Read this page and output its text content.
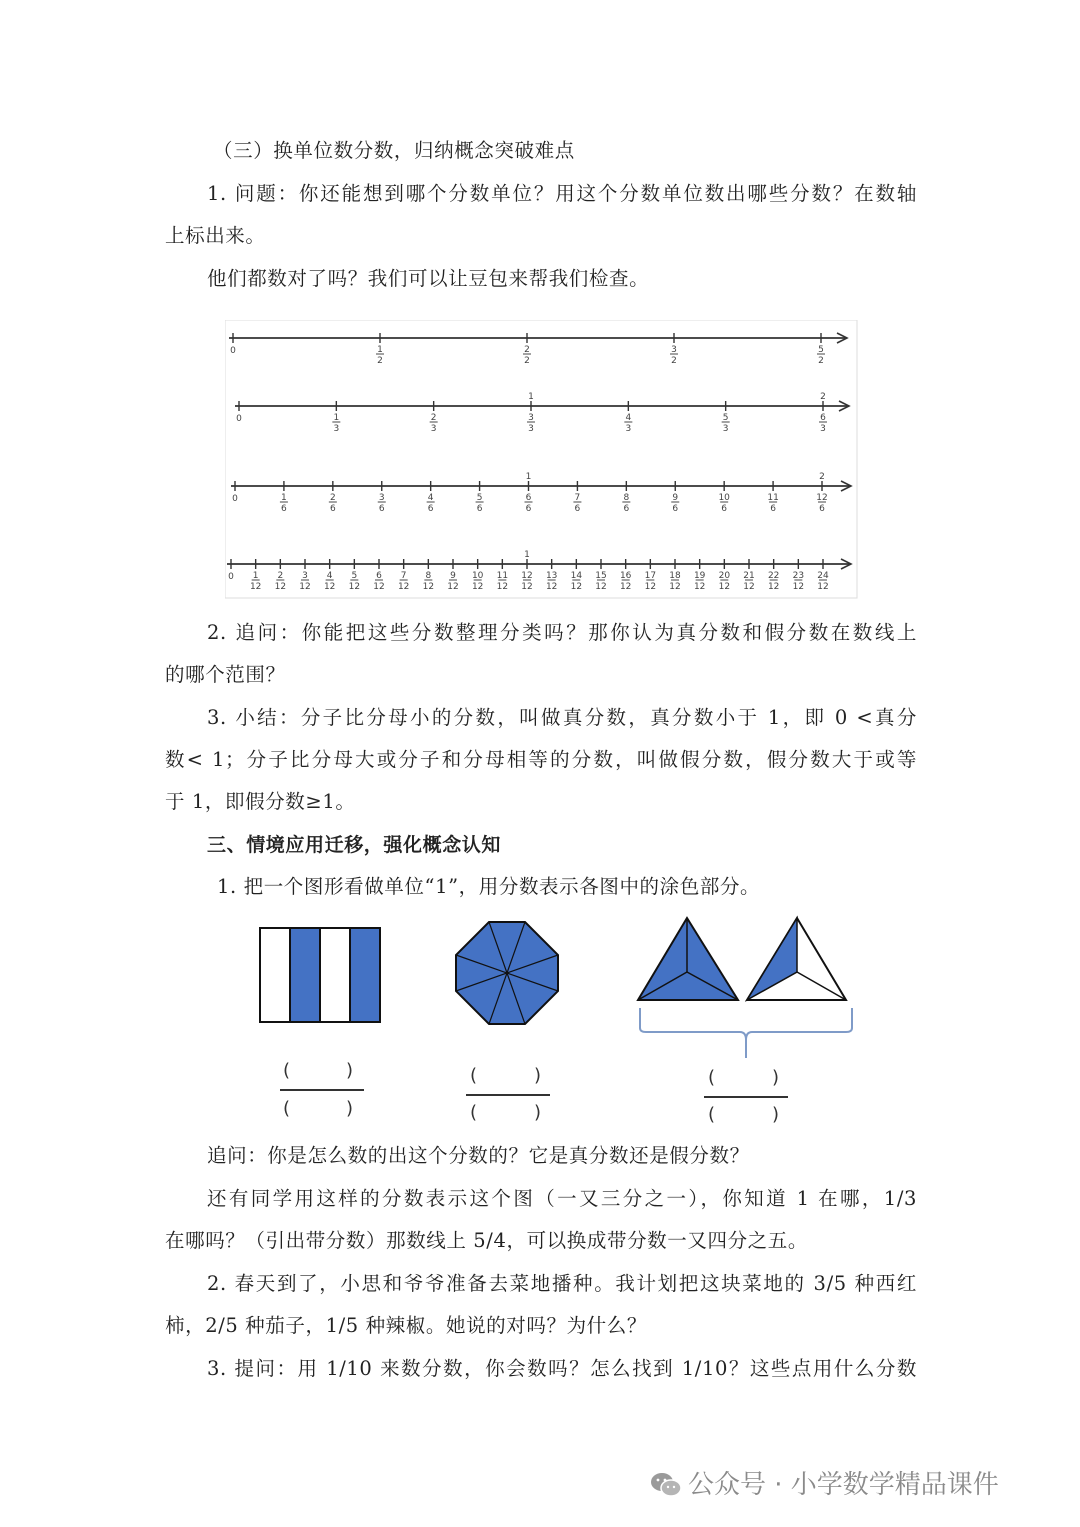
（三）换单位数分数，归纳概念突破难点
1. 问题：你还能想到哪个分数单位？用这个分数单位数出哪些分数？在数轴
上标出来。
他们都数对了吗？我们可以让豆包来帮我们检查。
0	1
2
2
2
3
2
5
2
0	1
3
2
3
1
3
3
4
3
5
3
2
6
3
0	1
6
2
6
3
6
4
6
5
6
1
6
6
7
6
8
6
9
6
10
6
11
6
2
12
6
0 1
12
2
12
3
12
4
12
5
12
6
12
7
12
8
12
9
12
10
12
11
12
1
12
12
13
12
14
12
15
12
16
12
17
12
18
12
19
12
20
12
21
12
22
12
23
12
24
12
2. 追问：你能把这些分数整理分类吗？那你认为真分数和假分数在数线上
的哪个范围？
3. 小结：分子比分母小的分数，叫做真分数，真分数小于 1，即 0 <真分
数< 1；分子比分母大或分子和分母相等的分数，叫做假分数，假分数大于或等
于 1，即假分数≥1。
三、情境应用迁移，强化概念认知
1. 把一个图形看做单位“1”，用分数表示各图中的涂色部分。
(	)
(	)
(	)
(	)
(	)
(	)
追问：你是怎么数的出这个分数的？它是真分数还是假分数？
还有同学用这样的分数表示这个图（一又三分之一），你知道 1 在哪，1/3
在哪吗？（引出带分数）那数线上 5/4，可以换成带分数一又四分之五。
2. 春天到了，小思和爷爷准备去菜地播种。我计划把这块菜地的 3/5 种西红
柿，2/5 种茄子，1/5 种辣椒。她说的对吗？为什么？
3. 提问：用 1/10 来数分数，你会数吗？怎么找到 1/10？这些点用什么分数
公众号 · 小学数学精品课件
